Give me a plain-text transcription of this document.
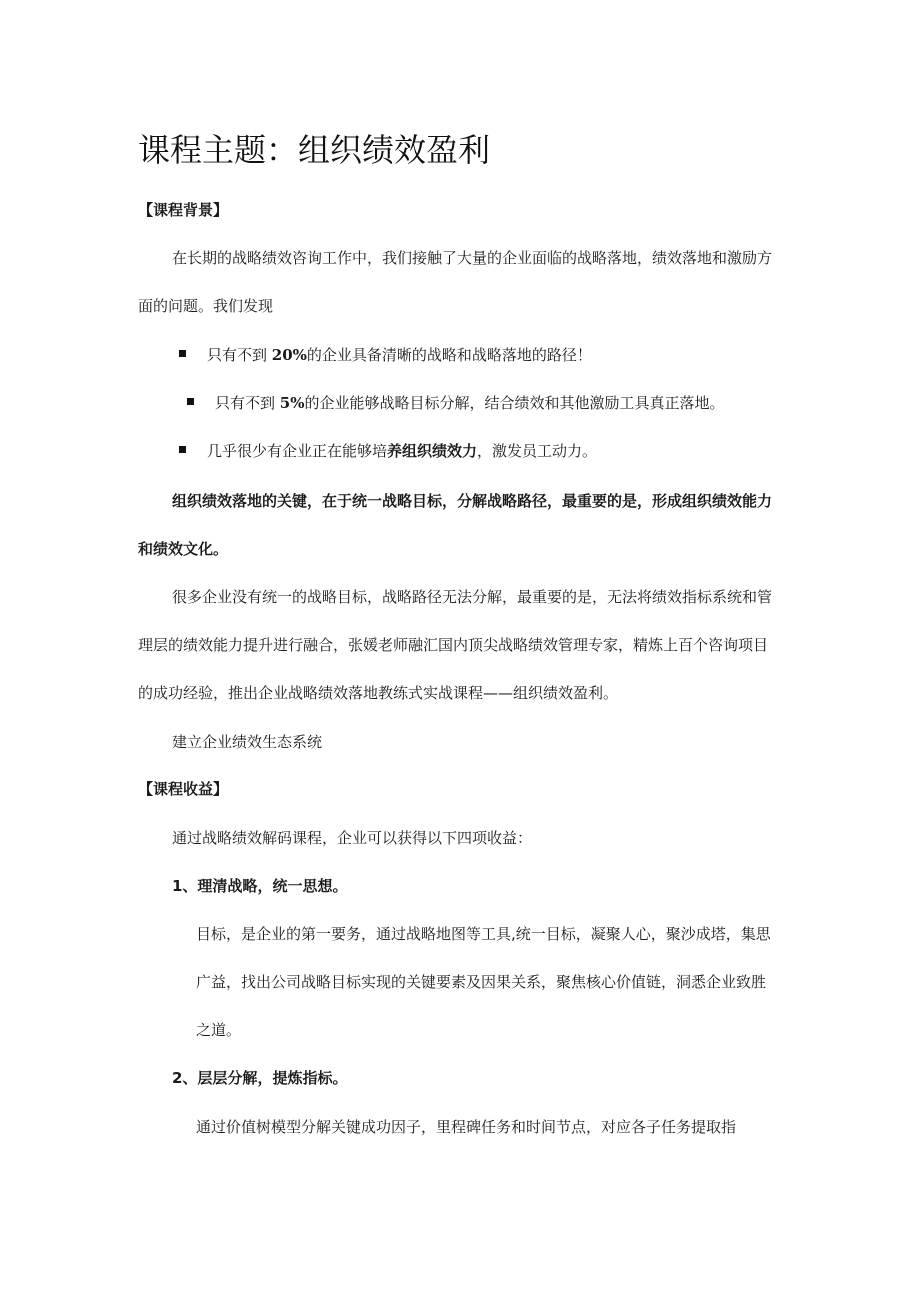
课程主题：组织绩效盈利
【课程背景】
在长期的战略绩效咨询工作中，我们接触了大量的企业面临的战略落地，绩效落地和激励方
面的问题。我们发现
只有不到 20%的企业具备清晰的战略和战略落地的路径！
只有不到 5%的企业能够战略目标分解，结合绩效和其他激励工具真正落地。
几乎很少有企业正在能够培养组织绩效力，激发员工动力。
组织绩效落地的关键，在于统一战略目标，分解战略路径，最重要的是，形成组织绩效能力
和绩效文化。
很多企业没有统一的战略目标，战略路径无法分解，最重要的是，无法将绩效指标系统和管
理层的绩效能力提升进行融合，张媛老师融汇国内顶尖战略绩效管理专家，精炼上百个咨询项目
的成功经验，推出企业战略绩效落地教练式实战课程——组织绩效盈利。
建立企业绩效生态系统
【课程收益】
通过战略绩效解码课程，企业可以获得以下四项收益：
1、理清战略，统一思想。
目标，是企业的第一要务，通过战略地图等工具,统一目标，凝聚人心，聚沙成塔，集思
广益，找出公司战略目标实现的关键要素及因果关系，聚焦核心价值链，洞悉企业致胜
之道。
2、层层分解，提炼指标。
通过价值树模型分解关键成功因子，里程碑任务和时间节点，对应各子任务提取指
